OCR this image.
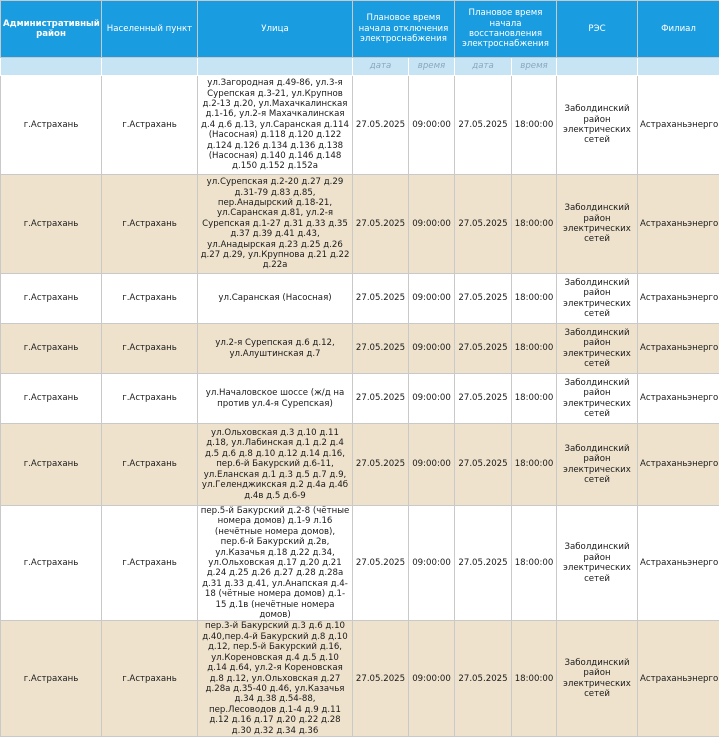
Административный район	Населенный пункт	Улица	Плановое время начала отключения электроснабжения		Плановое время начала восстановления электроснабжения		РЭС	Филиал
			дата	время	дата	время		
г.Астрахань	г.Астрахань	ул.Загородная д.49-86, ул.3-я Сурепская д.3-21, ул.Крупнов д.2-13 д.20, ул.Махачкалинская д.1-16, ул.2-я Махачкалинская д.4 д.6 д.13, ул.Саранская д.114 (Насосная) д.118 д.120 д.122 д.124 д.126 д.134 д.136 д.138 (Насосная) д.140 д.146 д.148 д.150 д.152 д.152а	27.05.2025	09:00:00	27.05.2025	18:00:00	Заболдинский район электрических сетей	Астраханьэнерго
г.Астрахань	г.Астрахань	ул.Сурепская д.2-20 д.27 д.29 д.31-79 д.83 д.85, пер.Анадырский д.18-21, ул.Саранская д.81, ул.2-я Сурепская д.1-27 д.31 д.33 д.35 д.37 д.39 д.41 д.43, ул.Анадырская д.23 д.25 д.26 д.27 д.29, ул.Крупнова д.21 д.22 д.22а	27.05.2025	09:00:00	27.05.2025	18:00:00	Заболдинский район электрических сетей	Астраханьэнерго
г.Астрахань	г.Астрахань	ул.Саранская (Насосная)	27.05.2025	09:00:00	27.05.2025	18:00:00	Заболдинский район электрических сетей	Астраханьэнерго
г.Астрахань	г.Астрахань	ул.2-я Сурепская д.6 д.12, ул.Алуштинская д.7	27.05.2025	09:00:00	27.05.2025	18:00:00	Заболдинский район электрических сетей	Астраханьэнерго
г.Астрахань	г.Астрахань	ул.Началовское шоссе (ж/д на против ул.4-я Сурепская)	27.05.2025	09:00:00	27.05.2025	18:00:00	Заболдинский район электрических сетей	Астраханьэнерго
г.Астрахань	г.Астрахань	ул.Ольховская д.3 д.10 д.11 д.18, ул.Лабинская д.1 д.2 д.4 д.5 д.6 д.8 д.10 д.12 д.14 д.16, пер.6-й Бакурский д.6-11, ул.Еланская д.1 д.3 д.5 д.7 д.9, ул.Геленджикская д.2 д.4а д.4б д.4в д.5 д.6-9	27.05.2025	09:00:00	27.05.2025	18:00:00	Заболдинский район электрических сетей	Астраханьэнерго
г.Астрахань	г.Астрахань	пер.5-й Бакурский д.2-8 (чётные номера домов) д.1-9 л.16 (нечётные номера домов), пер.6-й Бакурский д.2в, ул.Казачья д.18 д.22 д.34, ул.Ольховская д.17 д.20 д.21 д.24 д.25 д.26 д.27 д.28 д.28а д.31 д.33 д.41, ул.Анапская д.4-18 (чётные номера домов) д.1-15 д.1в (нечётные номера домов)	27.05.2025	09:00:00	27.05.2025	18:00:00	Заболдинский район электрических сетей	Астраханьэнерго
г.Астрахань	г.Астрахань	пер.3-й Бакурский д.3 д.6 д.10 д.40,пер.4-й Бакурский д.8 д.10 д.12, пер.5-й Бакурский д.16, ул.Кореновская д.4 д.5 д.10 д.14 д.64, ул.2-я Кореновская д.8 д.12, ул.Ольховская д.27 д.28а д.35-40 д.46, ул.Казачья д.34 д.38 д.54-88, пер.Лесоводов д.1-4 д.9 д.11 д.12 д.16 д.17 д.20 д.22 д.28 д.30 д.32 д.34 д.36	27.05.2025	09:00:00	27.05.2025	18:00:00	Заболдинский район электрических сетей	Астраханьэнерго
